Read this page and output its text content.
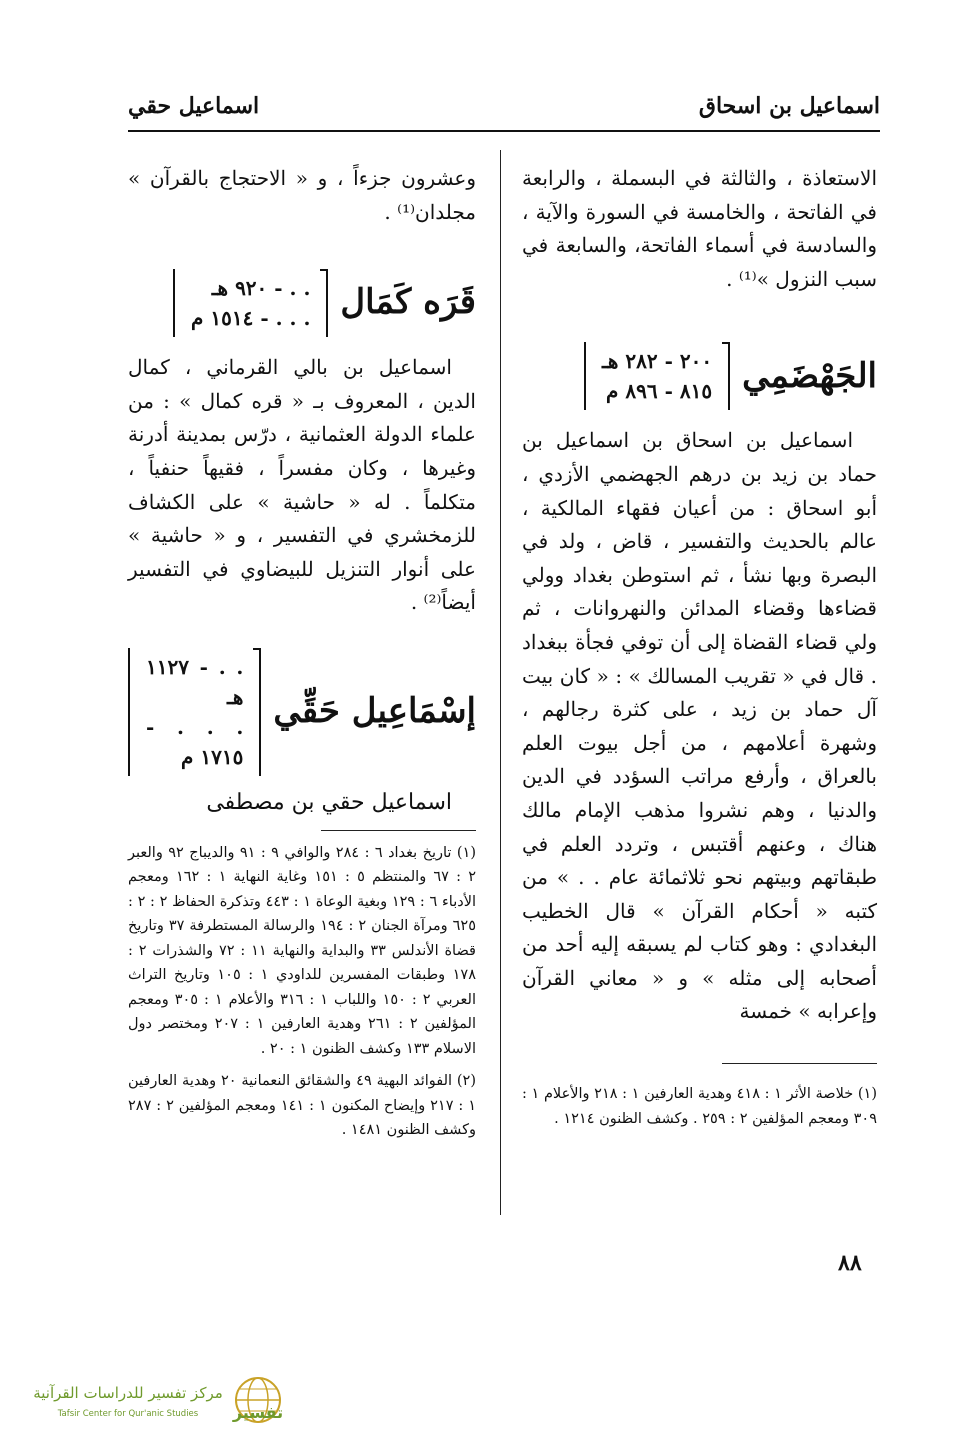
اسماعيل بن اسحاق
اسماعيل حقي

الاستعاذة ، والثالثة في البسملة ، والرابعة في الفاتحة ، والخامسة في السورة والآية ، والسادسة في أسماء الفاتحة، والسابعة في سبب النزول »⁽¹⁾ .

الجَهْضَمِي
٢٠٠ - ٢٨٢ هـ
٨١٥ - ٨٩٦ م

اسماعيل بن اسحاق بن اسماعيل بن حماد بن زيد بن درهم الجهضمي الأزدي ، أبو اسحاق : من أعيان فقهاء المالكية ، عالم بالحديث والتفسير ، قاض ، ولد في البصرة وبها نشأ ، ثم استوطن بغداد وولي قضاءها وقضاء المدائن والنهروانات ، ثم ولي قضاء القضاة إلى أن توفي فجأة ببغداد . قال في « تقريب المسالك » : « كان بيت آل حماد بن زيد ، على كثرة رجالهم ، وشهرة أعلامهم ، من أجل بيوت العلم بالعراق ، وأرفع مراتب السؤدد في الدين والدنيا ، وهم نشروا مذهب الإمام مالك هناك ، وعنهم أقتبس ، وتردد العلم في طبقاتهم وبيتهم نحو ثلاثمائة عام . . » من كتبه « أحكام القرآن » قال الخطيب البغدادي : وهو كتاب لم يسبقه إليه أحد من أصحابه إلى مثله » و « معاني القرآن وإعرابه » خمسة

(١) خلاصة الأثر ١ : ٤١٨ وهدية العارفين ١ : ٢١٨ والأعلام ١ : ٣٠٩ ومعجم المؤلفين ٢ : ٢٥٩ . وكشف الظنون ١٢١٤ .

وعشرون جزءاً ، و « الاحتجاج بالقرآن » مجلدان⁽¹⁾ .

قَرَه كَمَال
. . - ٩٢٠ هـ
. . . - ١٥١٤ م

اسماعيل بن بالي القرماني ، كمال الدين ، المعروف بـ « قره كمال » : من علماء الدولة العثمانية ، درّس بمدينة أدرنة وغيرها ، وكان مفسراً ، فقيهاً حنفياً ، متكلماً . له « حاشية » على الكشاف للزمخشري في التفسير ، و « حاشية » على أنوار التنزيل للبيضاوي في التفسير أيضاً⁽²⁾ .

إسْمَاعِيل حَقِّي
. . - ١١٢٧ هـ
. . . - ١٧١٥ م

اسماعيل حقي بن مصطفى

(١) تاريخ بغداد ٦ : ٢٨٤ والوافي ٩ : ٩١ والديباج ٩٢ والعبر ٢ : ٦٧ والمنتظم ٥ : ١٥١ وغاية النهاية ١ : ١٦٢ ومعجم الأدباء ٦ : ١٢٩ وبغية الوعاة ١ : ٤٤٣ وتذكرة الحفاظ ٢ : ٢ : ٦٢٥ ومرآة الجنان ٢ : ١٩٤ والرسالة المستطرفة ٣٧ وتاريخ قضاة الأندلس ٣٣ والبداية والنهاية ١١ : ٧٢ والشذرات ٢ : ١٧٨ وطبقات المفسرين للداودي ١ : ١٠٥ وتاريخ التراث العربي ٢ : ١٥٠ واللباب ١ : ٣١٦ والأعلام ١ : ٣٠٥ ومعجم المؤلفين ٢ : ٢٦١ وهدية العارفين ١ : ٢٠٧ ومختصر دول الاسلام ١٣٣ وكشف الظنون ١ : ٢٠ .

(٢) الفوائد البهية ٤٩ والشقائق النعمانية ٢٠ وهدية العارفين ١ : ٢١٧ وإيضاح المكنون ١ : ١٤١ ومعجم المؤلفين ٢ : ٢٨٧ وكشف الظنون ١٤٨١ .

٨٨
تفسير
مركز تفسير للدراسات القرآنية
Tafsir Center for Qur'anic Studies
